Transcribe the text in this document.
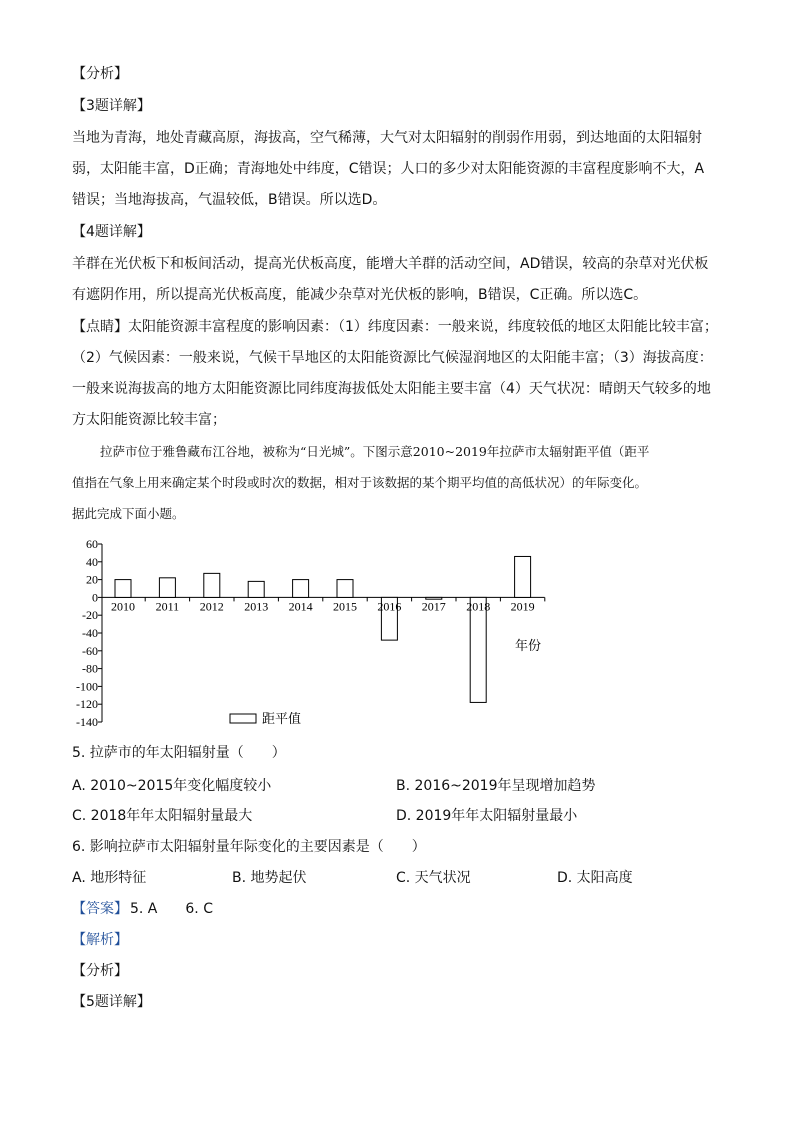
【分析】
【3题详解】
当地为青海，地处青藏高原，海拔高，空气稀薄，大气对太阳辐射的削弱作用弱，到达地面的太阳辐射
弱，太阳能丰富，D正确；青海地处中纬度，C错误；人口的多少对太阳能资源的丰富程度影响不大，A
错误；当地海拔高，气温较低，B错误。所以选D。
【4题详解】
羊群在光伏板下和板间活动，提高光伏板高度，能增大羊群的活动空间，AD错误，较高的杂草对光伏板
有遮阴作用，所以提高光伏板高度，能减少杂草对光伏板的影响，B错误，C正确。所以选C。
【点睛】太阳能资源丰富程度的影响因素：（1）纬度因素：一般来说，纬度较低的地区太阳能比较丰富；
（2）气候因素：一般来说，气候干旱地区的太阳能资源比气候湿润地区的太阳能丰富；（3）海拔高度：
一般来说海拔高的地方太阳能资源比同纬度海拔低处太阳能主要丰富（4）天气状况：晴朗天气较多的地
方太阳能资源比较丰富；
拉萨市位于雅鲁藏布江谷地，被称为“日光城”。下图示意2010~2019年拉萨市太辐射距平值（距平
值指在气象上用来确定某个时段或时次的数据，相对于该数据的某个期平均值的高低状况）的年际变化。
据此完成下面小题。
60
40
20
0
-20
-40
-60
-80
-100
-120
-140
2010 2011 2012 2013 2014 2015 2016 2017 2018 2019
年份
距平值
5. 拉萨市的年太阳辐射量（　　）
A. 2010~2015年变化幅度较小	B. 2016~2019年呈现增加趋势
C. 2018年年太阳辐射量最大	D. 2019年年太阳辐射量最小
6. 影响拉萨市太阳辐射量年际变化的主要因素是（　　）
A. 地形特征	B. 地势起伏	C. 天气状况	D. 太阳高度
【答案】 5. A　　6. C
【解析】
【分析】
【5题详解】
